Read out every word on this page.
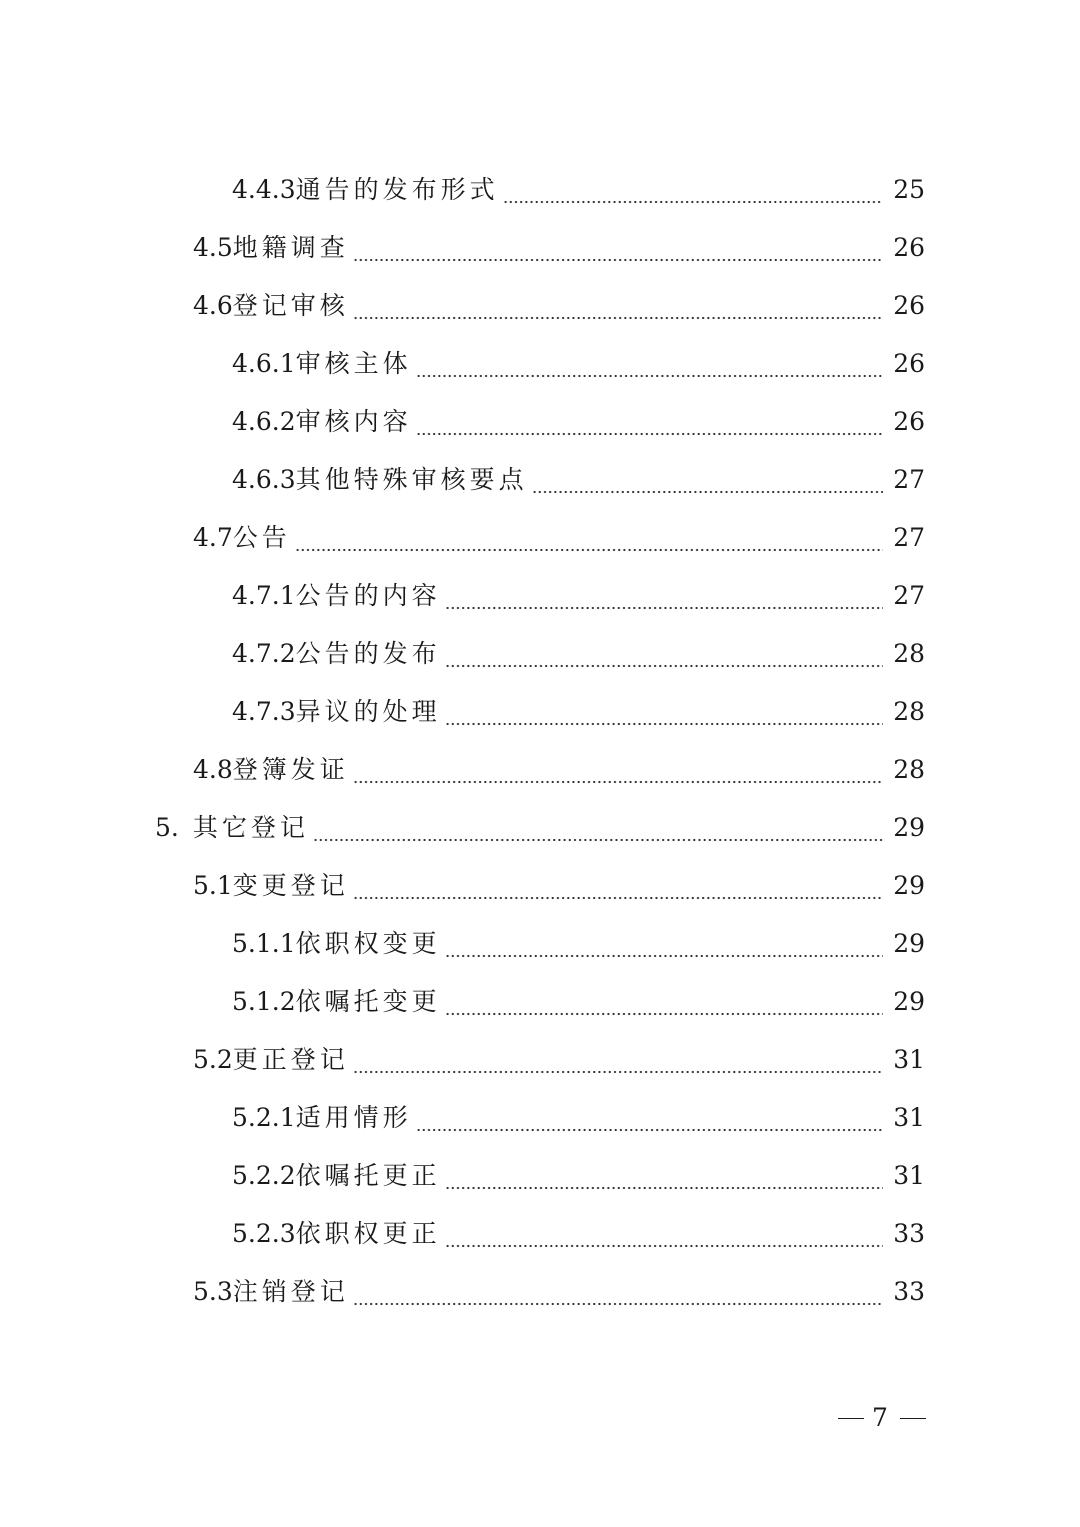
4.4.3 通告的发布形式	25
4.5 地籍调查	26
4.6 登记审核	26
4.6.1 审核主体	26
4.6.2 审核内容	26
4.6.3 其他特殊审核要点	27
4.7 公告	27
4.7.1 公告的内容	27
4.7.2 公告的发布	28
4.7.3 异议的处理	28
4.8 登簿发证	28
5. 其它登记	29
5.1 变更登记	29
5.1.1 依职权变更	29
5.1.2 依嘱托变更	29
5.2 更正登记	31
5.2.1 适用情形	31
5.2.2 依嘱托更正	31
5.2.3 依职权更正	33
5.3 注销登记	33
7
